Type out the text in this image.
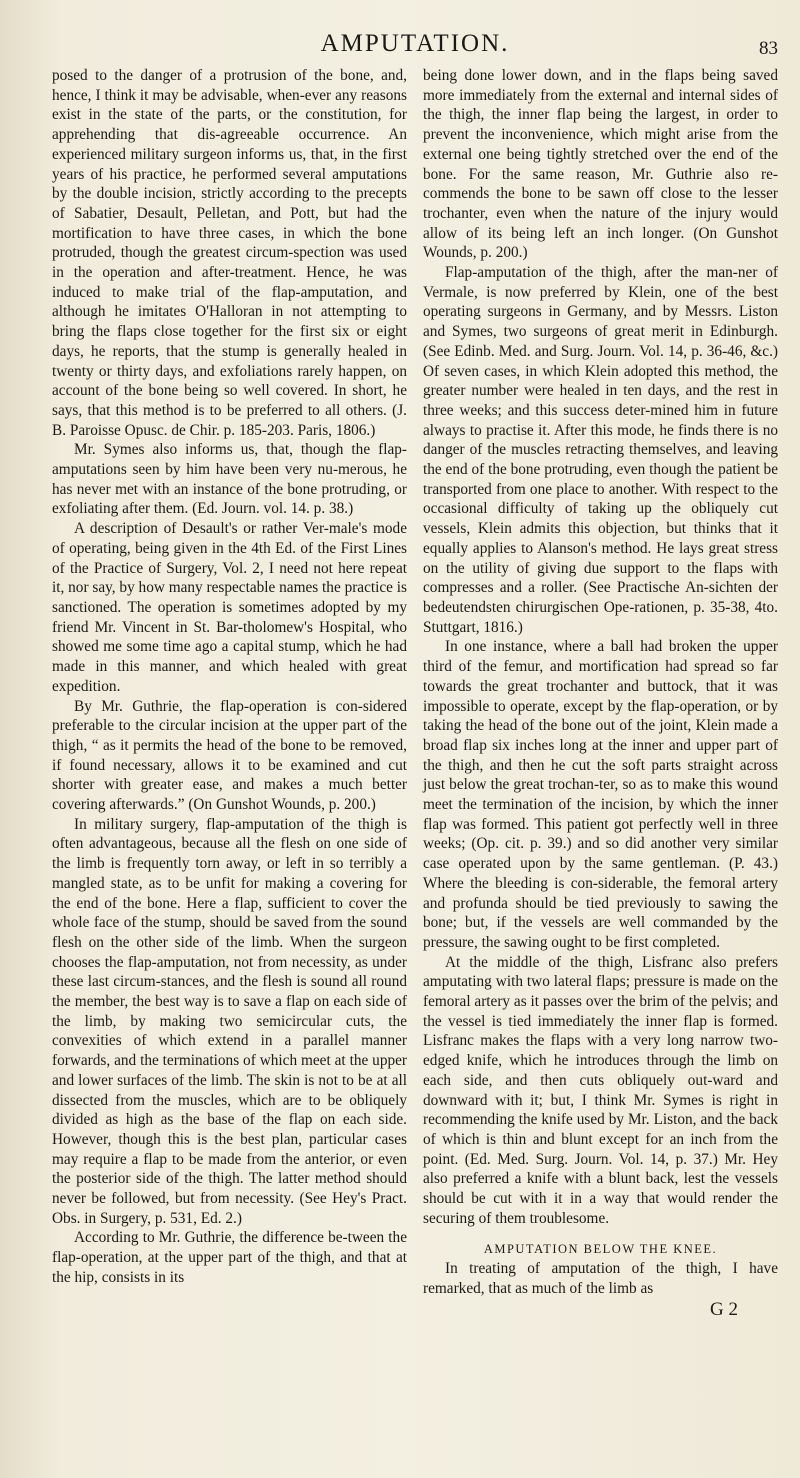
AMPUTATION.	83

posed to the danger of a protrusion of the bone, and, hence, I think it may be advisable, when-ever any reasons exist in the state of the parts, or the constitution, for apprehending that dis-agreeable occurrence. An experienced military surgeon informs us, that, in the first years of his practice, he performed several amputations by the double incision, strictly according to the precepts of Sabatier, Desault, Pelletan, and Pott, but had the mortification to have three cases, in which the bone protruded, though the greatest circum-spection was used in the operation and after-treatment. Hence, he was induced to make trial of the flap-amputation, and although he imitates O'Halloran in not attempting to bring the flaps close together for the first six or eight days, he reports, that the stump is generally healed in twenty or thirty days, and exfoliations rarely happen, on account of the bone being so well covered. In short, he says, that this method is to be preferred to all others. (J. B. Paroisse Opusc. de Chir. p. 185-203. Paris, 1806.)

Mr. Symes also informs us, that, though the flap-amputations seen by him have been very nu-merous, he has never met with an instance of the bone protruding, or exfoliating after them. (Ed. Journ. vol. 14. p. 38.)

A description of Desault's or rather Ver-male's mode of operating, being given in the 4th Ed. of the First Lines of the Practice of Surgery, Vol. 2, I need not here repeat it, nor say, by how many respectable names the practice is sanctioned. The operation is sometimes adopted by my friend Mr. Vincent in St. Bar-tholomew's Hospital, who showed me some time ago a capital stump, which he had made in this manner, and which healed with great expedition.

By Mr. Guthrie, the flap-operation is con-sidered preferable to the circular incision at the upper part of the thigh, “ as it permits the head of the bone to be removed, if found necessary, allows it to be examined and cut shorter with greater ease, and makes a much better covering afterwards.” (On Gunshot Wounds, p. 200.)

In military surgery, flap-amputation of the thigh is often advantageous, because all the flesh on one side of the limb is frequently torn away, or left in so terribly a mangled state, as to be unfit for making a covering for the end of the bone. Here a flap, sufficient to cover the whole face of the stump, should be saved from the sound flesh on the other side of the limb. When the surgeon chooses the flap-amputation, not from necessity, as under these last circum-stances, and the flesh is sound all round the member, the best way is to save a flap on each side of the limb, by making two semicircular cuts, the convexities of which extend in a parallel manner forwards, and the terminations of which meet at the upper and lower surfaces of the limb. The skin is not to be at all dissected from the muscles, which are to be obliquely divided as high as the base of the flap on each side. However, though this is the best plan, particular cases may require a flap to be made from the anterior, or even the posterior side of the thigh. The latter method should never be followed, but from necessity. (See Hey's Pract. Obs. in Surgery, p. 531, Ed. 2.)

According to Mr. Guthrie, the difference be-tween the flap-operation, at the upper part of the thigh, and that at the hip, consists in its

being done lower down, and in the flaps being saved more immediately from the external and internal sides of the thigh, the inner flap being the largest, in order to prevent the inconvenience, which might arise from the external one being tightly stretched over the end of the bone. For the same reason, Mr. Guthrie also re-commends the bone to be sawn off close to the lesser trochanter, even when the nature of the injury would allow of its being left an inch longer. (On Gunshot Wounds, p. 200.)

Flap-amputation of the thigh, after the man-ner of Vermale, is now preferred by Klein, one of the best operating surgeons in Germany, and by Messrs. Liston and Symes, two surgeons of great merit in Edinburgh. (See Edinb. Med. and Surg. Journ. Vol. 14, p. 36-46, &c.) Of seven cases, in which Klein adopted this method, the greater number were healed in ten days, and the rest in three weeks; and this success deter-mined him in future always to practise it. After this mode, he finds there is no danger of the muscles retracting themselves, and leaving the end of the bone protruding, even though the patient be transported from one place to another. With respect to the occasional difficulty of taking up the obliquely cut vessels, Klein admits this objection, but thinks that it equally applies to Alanson's method. He lays great stress on the utility of giving due support to the flaps with compresses and a roller. (See Practische An-sichten der bedeutendsten chirurgischen Ope-rationen, p. 35-38, 4to. Stuttgart, 1816.)

In one instance, where a ball had broken the upper third of the femur, and mortification had spread so far towards the great trochanter and buttock, that it was impossible to operate, except by the flap-operation, or by taking the head of the bone out of the joint, Klein made a broad flap six inches long at the inner and upper part of the thigh, and then he cut the soft parts straight across just below the great trochan-ter, so as to make this wound meet the termination of the incision, by which the inner flap was formed. This patient got perfectly well in three weeks; (Op. cit. p. 39.) and so did another very similar case operated upon by the same gentleman. (P. 43.) Where the bleeding is con-siderable, the femoral artery and profunda should be tied previously to sawing the bone; but, if the vessels are well commanded by the pressure, the sawing ought to be first completed.

At the middle of the thigh, Lisfranc also prefers amputating with two lateral flaps; pressure is made on the femoral artery as it passes over the brim of the pelvis; and the vessel is tied immediately the inner flap is formed. Lisfranc makes the flaps with a very long narrow two-edged knife, which he introduces through the limb on each side, and then cuts obliquely out-ward and downward with it; but, I think Mr. Symes is right in recommending the knife used by Mr. Liston, and the back of which is thin and blunt except for an inch from the point. (Ed. Med. Surg. Journ. Vol. 14, p. 37.) Mr. Hey also preferred a knife with a blunt back, lest the vessels should be cut with it in a way that would render the securing of them troublesome.

AMPUTATION BELOW THE KNEE.

In treating of amputation of the thigh, I have remarked, that as much of the limb as

G 2
